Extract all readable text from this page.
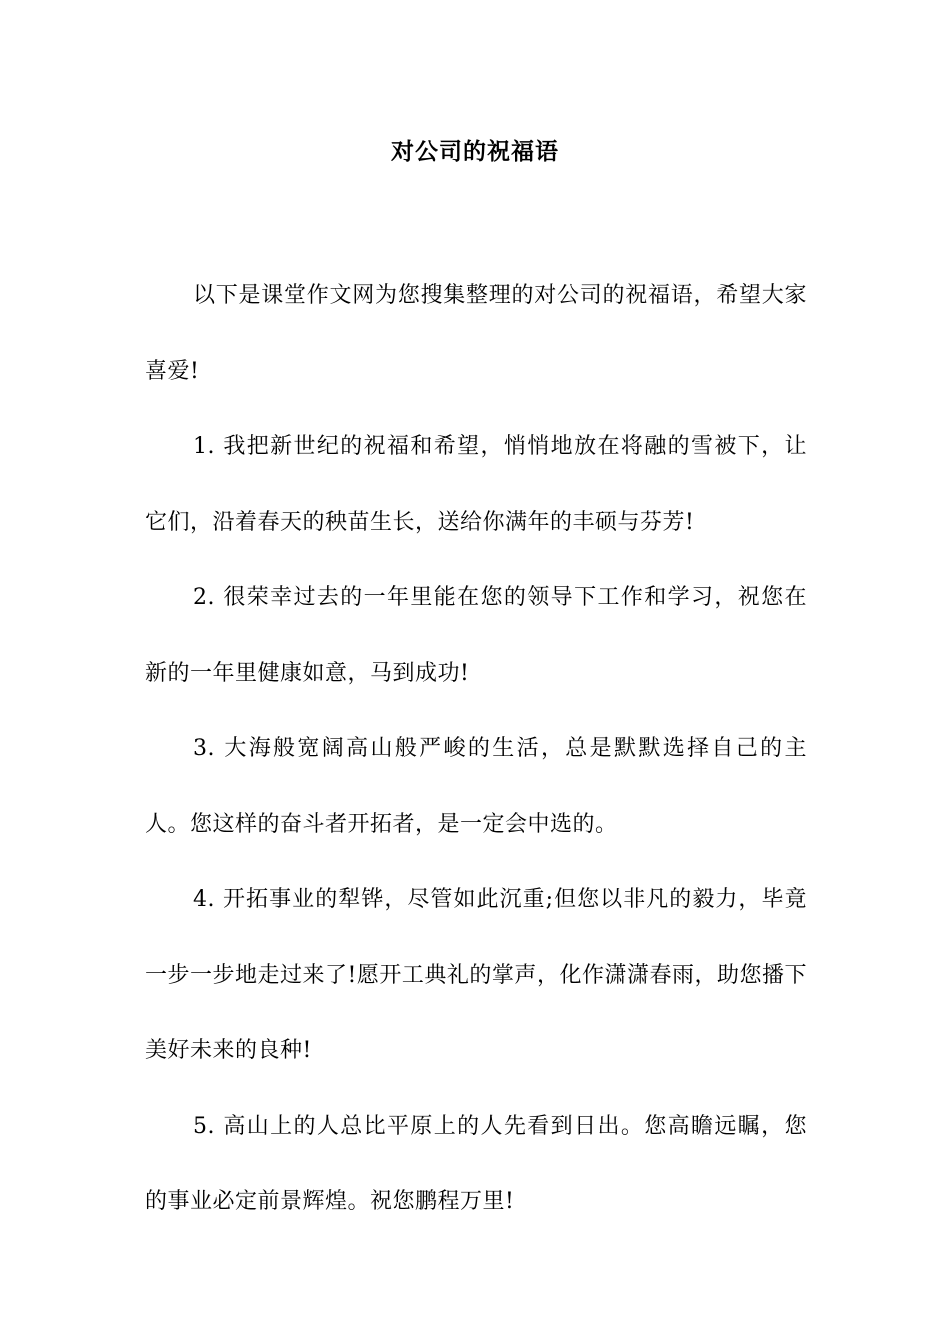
对公司的祝福语

以下是课堂作文网为您搜集整理的对公司的祝福语，希望大家喜爱!

1. 我把新世纪的祝福和希望，悄悄地放在将融的雪被下，让它们，沿着春天的秧苗生长，送给你满年的丰硕与芬芳!

2. 很荣幸过去的一年里能在您的领导下工作和学习，祝您在新的一年里健康如意，马到成功!

3. 大海般宽阔高山般严峻的生活，总是默默选择自己的主人。您这样的奋斗者开拓者，是一定会中选的。

4. 开拓事业的犁铧，尽管如此沉重;但您以非凡的毅力，毕竟一步一步地走过来了!愿开工典礼的掌声，化作潇潇春雨，助您播下美好未来的良种!

5. 高山上的人总比平原上的人先看到日出。您高瞻远瞩，您的事业必定前景辉煌。祝您鹏程万里!
